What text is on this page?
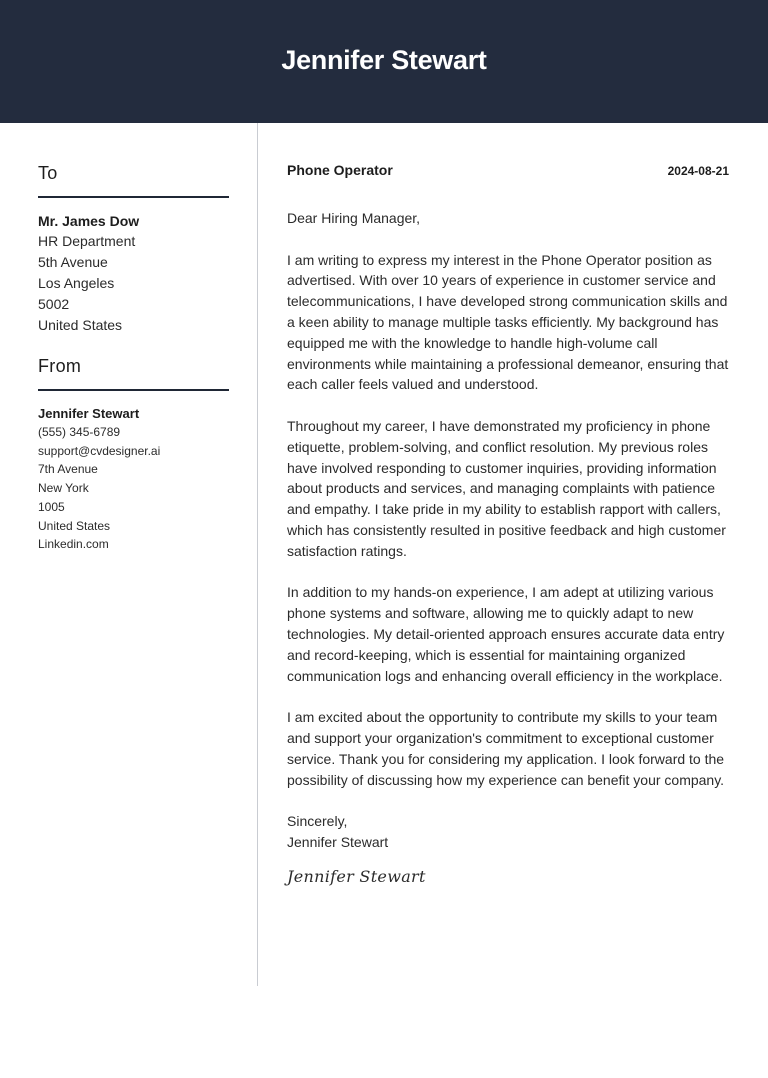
Jennifer Stewart
To
Mr. James Dow
HR Department
5th Avenue
Los Angeles
5002
United States
From
Jennifer Stewart
(555) 345-6789
support@cvdesigner.ai
7th Avenue
New York
1005
United States
Linkedin.com
Phone Operator	2024-08-21

Dear Hiring Manager,

I am writing to express my interest in the Phone Operator position as advertised. With over 10 years of experience in customer service and telecommunications, I have developed strong communication skills and a keen ability to manage multiple tasks efficiently. My background has equipped me with the knowledge to handle high-volume call environments while maintaining a professional demeanor, ensuring that each caller feels valued and understood.

Throughout my career, I have demonstrated my proficiency in phone etiquette, problem-solving, and conflict resolution. My previous roles have involved responding to customer inquiries, providing information about products and services, and managing complaints with patience and empathy. I take pride in my ability to establish rapport with callers, which has consistently resulted in positive feedback and high customer satisfaction ratings.

In addition to my hands-on experience, I am adept at utilizing various phone systems and software, allowing me to quickly adapt to new technologies. My detail-oriented approach ensures accurate data entry and record-keeping, which is essential for maintaining organized communication logs and enhancing overall efficiency in the workplace.

I am excited about the opportunity to contribute my skills to your team and support your organization's commitment to exceptional customer service. Thank you for considering my application. I look forward to the possibility of discussing how my experience can benefit your company.

Sincerely,
Jennifer Stewart
Jennifer Stewart
